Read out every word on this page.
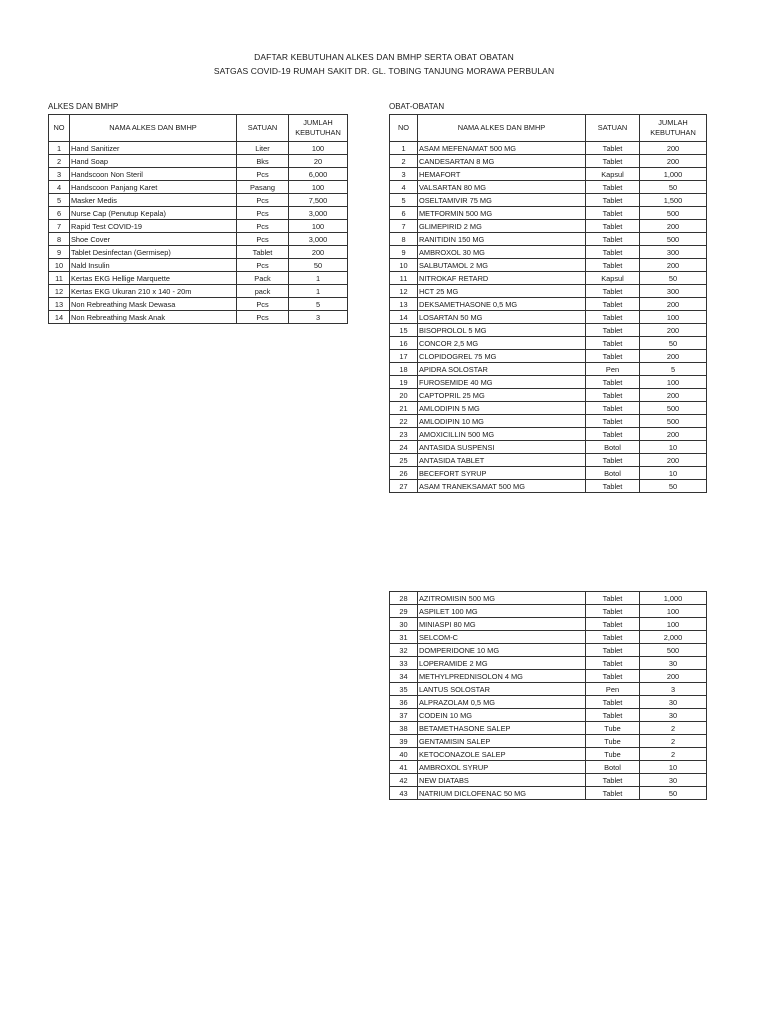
DAFTAR KEBUTUHAN ALKES DAN BMHP SERTA OBAT OBATAN
SATGAS COVID-19 RUMAH SAKIT DR. GL. TOBING TANJUNG MORAWA PERBULAN
ALKES DAN BMHP	OBAT-OBATAN
NO	NAMA ALKES DAN BMHP	SATUAN	JUMLAH KEBUTUHAN
1	Hand Sanitizer	Liter	100
2	Hand Soap	Bks	20
3	Handscoon Non Steril	Pcs	6,000
4	Handscoon Panjang Karet	Pasang	100
5	Masker Medis	Pcs	7,500
6	Nurse Cap (Penutup Kepala)	Pcs	3,000
7	Rapid Test COVID-19	Pcs	100
8	Shoe Cover	Pcs	3,000
9	Tablet Desinfectan (Germisep)	Tablet	200
10	Nald Insulin	Pcs	50
11	Kertas EKG Hellige Marquette	Pack	1
12	Kertas EKG Ukuran 210 x 140 - 20m	pack	1
13	Non Rebreathing Mask Dewasa	Pcs	5
14	Non Rebreathing Mask Anak	Pcs	3
NO	NAMA ALKES DAN BMHP	SATUAN	JUMLAH KEBUTUHAN
1	ASAM MEFENAMAT 500 MG	Tablet	200
2	CANDESARTAN 8 MG	Tablet	200
3	HEMAFORT	Kapsul	1,000
4	VALSARTAN 80 MG	Tablet	50
5	OSELTAMIVIR 75 MG	Tablet	1,500
6	METFORMIN 500 MG	Tablet	500
7	GLIMEPIRID 2 MG	Tablet	200
8	RANITIDIN 150 MG	Tablet	500
9	AMBROXOL 30 MG	Tablet	300
10	SALBUTAMOL 2 MG	Tablet	200
11	NITROKAF RETARD	Kapsul	50
12	HCT 25 MG	Tablet	300
13	DEKSAMETHASONE 0,5 MG	Tablet	200
14	LOSARTAN 50 MG	Tablet	100
15	BISOPROLOL 5 MG	Tablet	200
16	CONCOR 2,5 MG	Tablet	50
17	CLOPIDOGREL 75 MG	Tablet	200
18	APIDRA SOLOSTAR	Pen	5
19	FUROSEMIDE 40 MG	Tablet	100
20	CAPTOPRIL 25 MG	Tablet	200
21	AMLODIPIN 5 MG	Tablet	500
22	AMLODIPIN 10 MG	Tablet	500
23	AMOXICILLIN 500 MG	Tablet	200
24	ANTASIDA SUSPENSI	Botol	10
25	ANTASIDA TABLET	Tablet	200
26	BECEFORT SYRUP	Botol	10
27	ASAM TRANEKSAMAT 500 MG	Tablet	50
28	AZITROMISIN 500 MG	Tablet	1,000
29	ASPILET 100 MG	Tablet	100
30	MINIASPI 80 MG	Tablet	100
31	SELCOM-C	Tablet	2,000
32	DOMPERIDONE 10 MG	Tablet	500
33	LOPERAMIDE 2 MG	Tablet	30
34	METHYLPREDNISOLON 4 MG	Tablet	200
35	LANTUS SOLOSTAR	Pen	3
36	ALPRAZOLAM 0,5 MG	Tablet	30
37	CODEIN 10 MG	Tablet	30
38	BETAMETHASONE SALEP	Tube	2
39	GENTAMISIN SALEP	Tube	2
40	KETOCONAZOLE SALEP	Tube	2
41	AMBROXOL SYRUP	Botol	10
42	NEW DIATABS	Tablet	30
43	NATRIUM DICLOFENAC 50 MG	Tablet	50
